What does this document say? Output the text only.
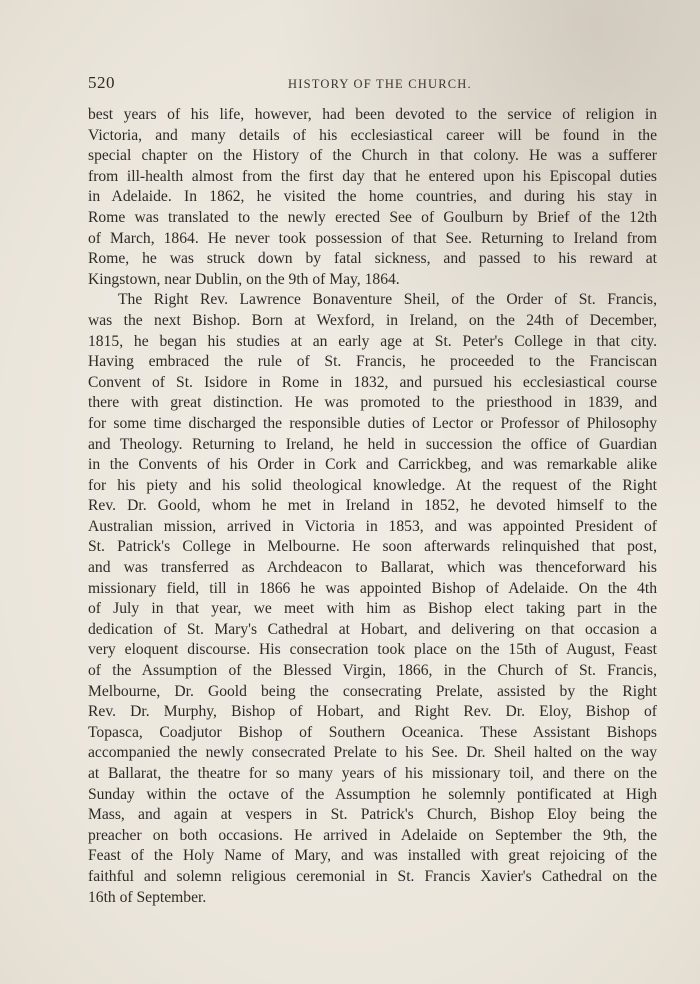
520	HISTORY OF THE CHURCH.
best years of his life, however, had been devoted to the service of religion in
Victoria, and many details of his ecclesiastical career will be found in the
special chapter on the History of the Church in that colony. He was a sufferer
from ill-health almost from the first day that he entered upon his Episcopal duties
in Adelaide. In 1862, he visited the home countries, and during his stay in
Rome was translated to the newly erected See of Goulburn by Brief of the 12th
of March, 1864. He never took possession of that See. Returning to Ireland from
Rome, he was struck down by fatal sickness, and passed to his reward at
Kingstown, near Dublin, on the 9th of May, 1864.
The Right Rev. Lawrence Bonaventure Sheil, of the Order of St. Francis,
was the next Bishop. Born at Wexford, in Ireland, on the 24th of December,
1815, he began his studies at an early age at St. Peter's College in that city.
Having embraced the rule of St. Francis, he proceeded to the Franciscan
Convent of St. Isidore in Rome in 1832, and pursued his ecclesiastical course
there with great distinction. He was promoted to the priesthood in 1839, and
for some time discharged the responsible duties of Lector or Professor of Philosophy
and Theology. Returning to Ireland, he held in succession the office of Guardian
in the Convents of his Order in Cork and Carrickbeg, and was remarkable alike
for his piety and his solid theological knowledge. At the request of the Right
Rev. Dr. Goold, whom he met in Ireland in 1852, he devoted himself to the
Australian mission, arrived in Victoria in 1853, and was appointed President of
St. Patrick's College in Melbourne. He soon afterwards relinquished that post,
and was transferred as Archdeacon to Ballarat, which was thenceforward his
missionary field, till in 1866 he was appointed Bishop of Adelaide. On the 4th
of July in that year, we meet with him as Bishop elect taking part in the
dedication of St. Mary's Cathedral at Hobart, and delivering on that occasion a
very eloquent discourse. His consecration took place on the 15th of August, Feast
of the Assumption of the Blessed Virgin, 1866, in the Church of St. Francis,
Melbourne, Dr. Goold being the consecrating Prelate, assisted by the Right
Rev. Dr. Murphy, Bishop of Hobart, and Right Rev. Dr. Eloy, Bishop of
Topasca, Coadjutor Bishop of Southern Oceanica. These Assistant Bishops
accompanied the newly consecrated Prelate to his See. Dr. Sheil halted on the way
at Ballarat, the theatre for so many years of his missionary toil, and there on the
Sunday within the octave of the Assumption he solemnly pontificated at High
Mass, and again at vespers in St. Patrick's Church, Bishop Eloy being the
preacher on both occasions. He arrived in Adelaide on September the 9th, the
Feast of the Holy Name of Mary, and was installed with great rejoicing of the
faithful and solemn religious ceremonial in St. Francis Xavier's Cathedral on the
16th of September.
